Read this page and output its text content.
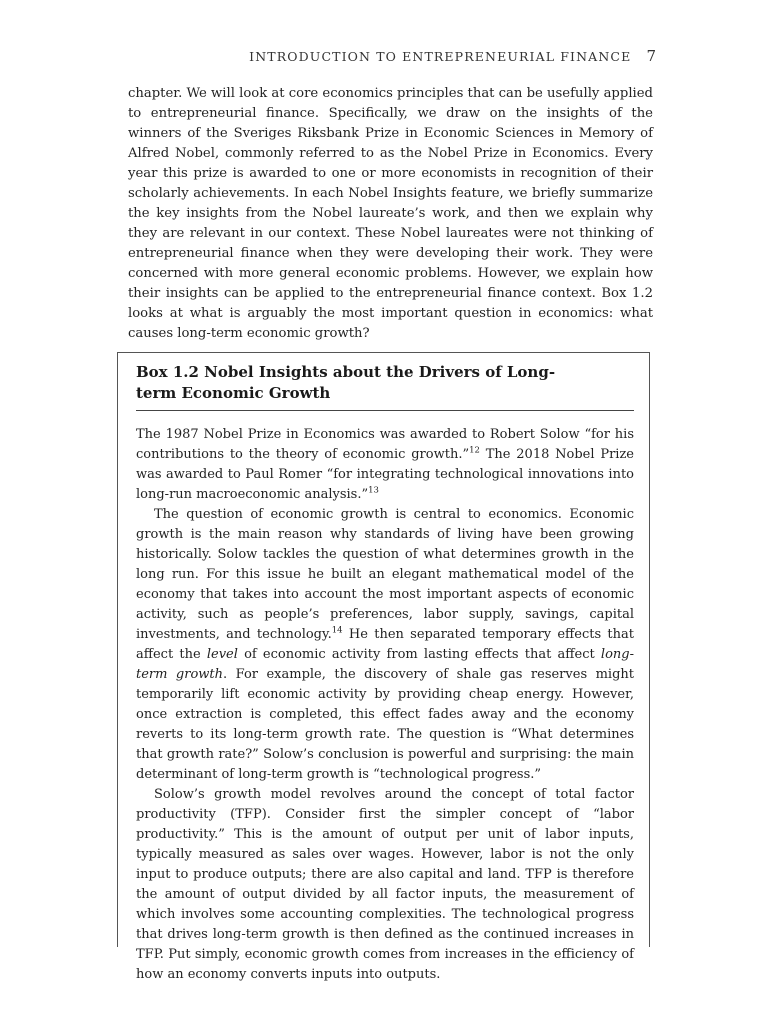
INTRODUCTION TO ENTREPRENEURIAL FINANCE 7

chapter. We will look at core economics principles that can be usefully applied to entrepreneurial finance. Specifically, we draw on the insights of the winners of the Sveriges Riksbank Prize in Economic Sciences in Memory of Alfred Nobel, commonly referred to as the Nobel Prize in Economics. Every year this prize is awarded to one or more economists in recognition of their scholarly achievements. In each Nobel Insights feature, we briefly summarize the key insights from the Nobel laureate’s work, and then we explain why they are relevant in our context. These Nobel laureates were not thinking of entrepreneurial finance when they were developing their work. They were concerned with more general economic problems. However, we explain how their insights can be applied to the entrepreneurial finance context. Box 1.2 looks at what is arguably the most important question in economics: what causes long-term economic growth?

Box 1.2 Nobel Insights about the Drivers of Long-term Economic Growth

The 1987 Nobel Prize in Economics was awarded to Robert Solow “for his contributions to the theory of economic growth.”$^{12}$ The 2018 Nobel Prize was awarded to Paul Romer “for integrating technological innovations into long-run macroeconomic analysis.”$^{13}$

The question of economic growth is central to economics. Economic growth is the main reason why standards of living have been growing historically. Solow tackles the question of what determines growth in the long run. For this issue he built an elegant mathematical model of the economy that takes into account the most important aspects of economic activity, such as people’s preferences, labor supply, savings, capital investments, and technology.$^{14}$ He then separated temporary effects that affect the level of economic activity from lasting effects that affect long-term growth. For example, the discovery of shale gas reserves might temporarily lift economic activity by providing cheap energy. However, once extraction is completed, this effect fades away and the economy reverts to its long-term growth rate. The question is “What determines that growth rate?” Solow’s conclusion is powerful and surprising: the main determinant of long-term growth is “technological progress.”

Solow’s growth model revolves around the concept of total factor productivity (TFP). Consider first the simpler concept of “labor productivity.” This is the amount of output per unit of labor inputs, typically measured as sales over wages. However, labor is not the only input to produce outputs; there are also capital and land. TFP is therefore the amount of output divided by all factor inputs, the measurement of which involves some accounting complexities. The technological progress that drives long-term growth is then defined as the continued increases in TFP. Put simply, economic growth comes from increases in the efficiency of how an economy converts inputs into outputs.
